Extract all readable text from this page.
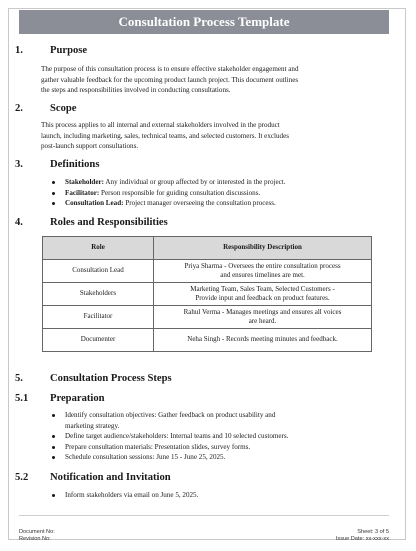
Consultation Process Template
1.	Purpose
The purpose of this consultation process is to ensure effective stakeholder engagement and
gather valuable feedback for the upcoming product launch project. This document outlines
the steps and responsibilities involved in conducting consultations.
2.	Scope
This process applies to all internal and external stakeholders involved in the product
launch, including marketing, sales, technical teams, and selected customers. It excludes
post-launch support consultations.
3.	Definitions
Stakeholder: Any individual or group affected by or interested in the project.
Facilitator: Person responsible for guiding consultation discussions.
Consultation Lead: Project manager overseeing the consultation process.
4.	Roles and Responsibilities
Role	Responsibility Description
Consultation Lead	Priya Sharma - Oversees the entire consultation process
and ensures timelines are met.

Stakeholders	Marketing Team, Sales Team, Selected Customers -
Provide input and feedback on product features.

Facilitator	Rahul Verma - Manages meetings and ensures all voices
are heard.

Documenter	Neha Singh - Records meeting minutes and feedback.
5.	Consultation Process Steps
5.1	Preparation
Identify consultation objectives: Gather feedback on product usability and
marketing strategy.
Define target audience/stakeholders: Internal teams and 10 selected customers.
Prepare consultation materials: Presentation slides, survey forms.
Schedule consultation sessions: June 15 - June 25, 2025.
5.2	Notification and Invitation
Inform stakeholders via email on June 5, 2025.
Document No:	Sheet: 3 of 5
Revision No:	Issue Date: xx-xxx-xx
